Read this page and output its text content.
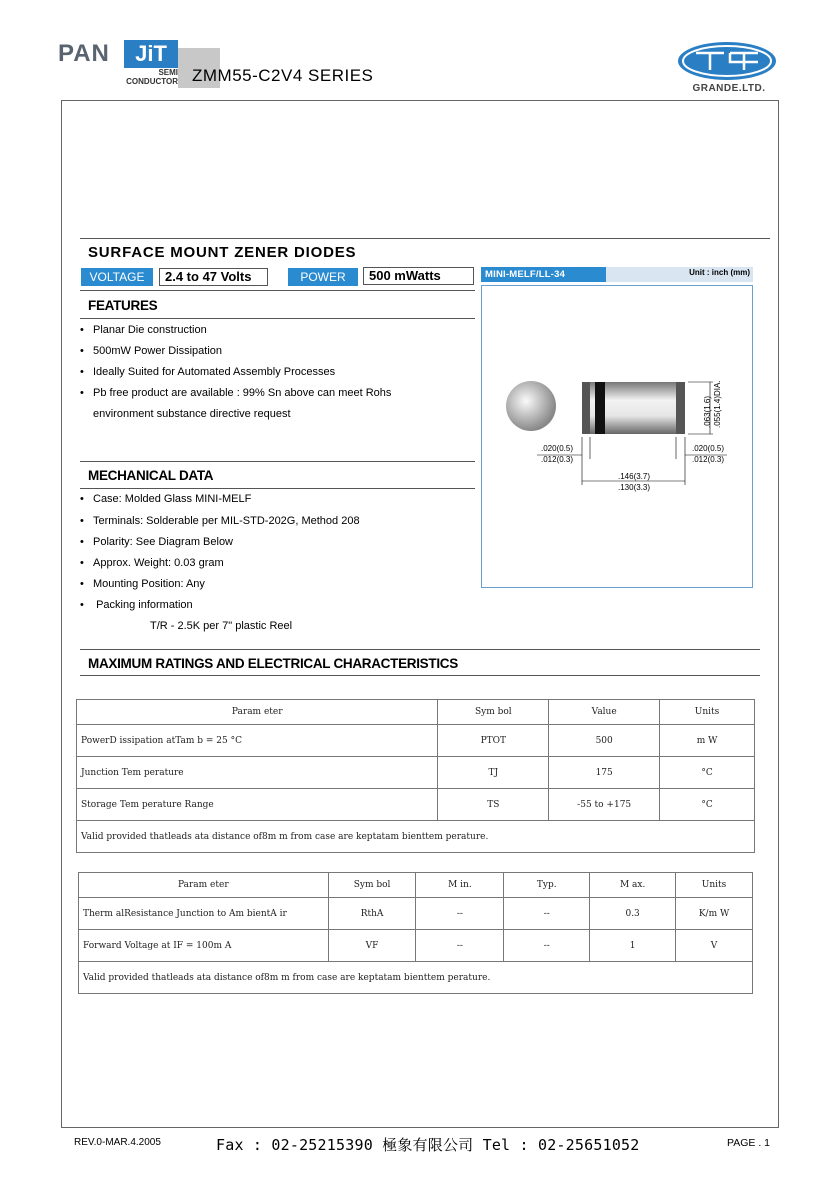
PAN	JiT
SEMI
CONDUCTOR ZMM55-C2V4 SERIES
GRANDE.LTD.
SURFACE MOUNT ZENER DIODES
VOLTAGE	2.4 to 47 Volts	POWER	500 mWatts
FEATURES
• Planar Die construction
• 500mW Power Dissipation
• Ideally Suited for Automated Assembly Processes
• Pb free product are available : 99% Sn above can meet Rohs
environment substance directive request
MECHANICAL DATA
• Case: Molded Glass MINI-MELF
• Terminals: Solderable per MIL-STD-202G, Method 208
• Polarity: See Diagram Below
• Approx. Weight: 0.03 gram
• Mounting Position: Any
• Packing information
T/R - 2.5K per 7" plastic Reel
MINI-MELF/LL-34	Unit : inch (mm)
.063(1.6) .055(1.4)DIA.
.020(0.5)
.012(0.3)
.020(0.5)
.012(0.3)
.146(3.7)
.130(3.3)
MAXIMUM RATINGS AND ELECTRICAL CHARACTERISTICS
Param eter	Sym bol	Value	Units
PowerD issipation atTam b = 25 °C	PTOT	500	m W
Junction Tem perature	TJ	175	°C
Storage Tem perature Range	TS	-55 to +175	°C
Valid provided thatleads ata distance of8m m from case are keptatam bienttem perature.			
Param eter	Sym bol	M in.	Typ.	M ax.	Units
Therm alResistance Junction to Am bientA ir	RthA	--	--	0.3	K/m W
Forward Voltage at IF = 100m A	VF	--	--	1	V
Valid provided thatleads ata distance of8m m from case are keptatam bienttem perature.					
REV.0-MAR.4.2005	Fax : 02-25215390 極象有限公司 Tel : 02-25651052	PAGE . 1
